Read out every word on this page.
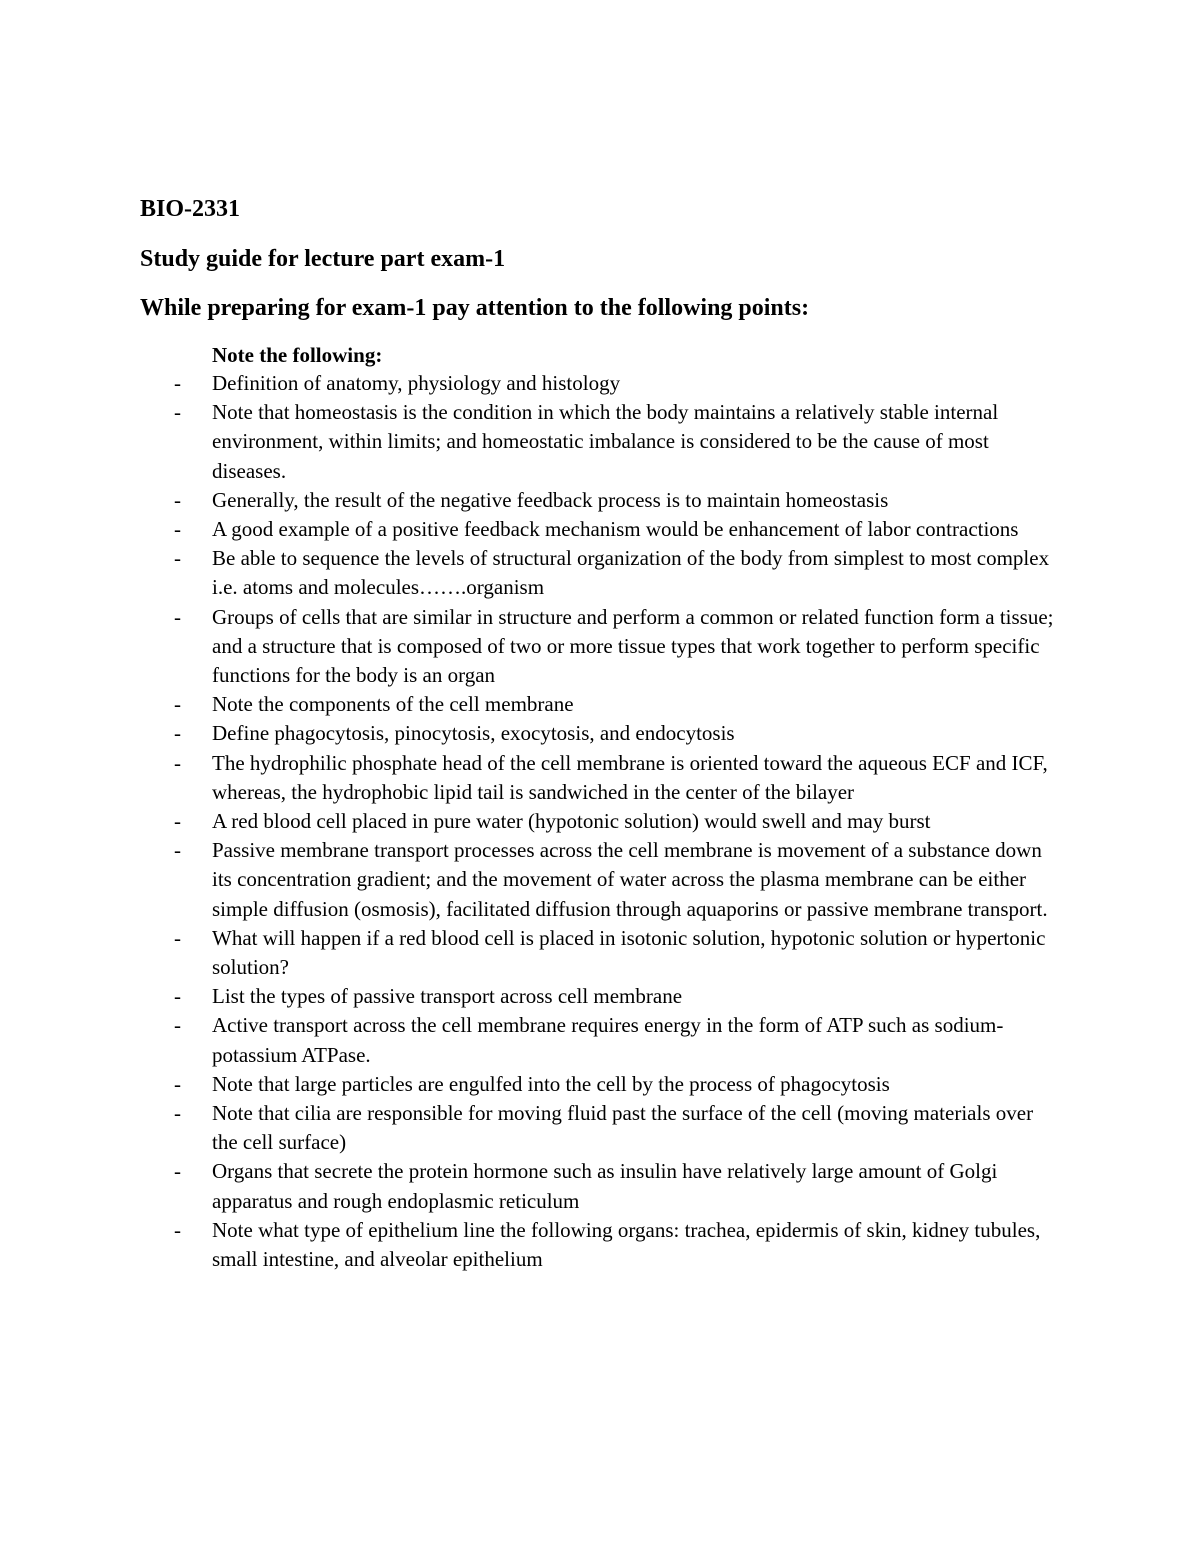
BIO-2331

Study guide for lecture part exam-1

While preparing for exam-1 pay attention to the following points:

Note the following:

- Definition of anatomy, physiology and histology
- Note that homeostasis is the condition in which the body maintains a relatively stable internal environment, within limits; and homeostatic imbalance is considered to be the cause of most diseases.
- Generally, the result of the negative feedback process is to maintain homeostasis
- A good example of a positive feedback mechanism would be enhancement of labor contractions
- Be able to sequence the levels of structural organization of the body from simplest to most complex i.e. atoms and molecules…….organism
- Groups of cells that are similar in structure and perform a common or related function form a tissue; and a structure that is composed of two or more tissue types that work together to perform specific functions for the body is an organ
- Note the components of the cell membrane
- Define phagocytosis, pinocytosis, exocytosis, and endocytosis
- The hydrophilic phosphate head of the cell membrane is oriented toward the aqueous ECF and ICF, whereas, the hydrophobic lipid tail is sandwiched in the center of the bilayer
- A red blood cell placed in pure water (hypotonic solution) would swell and may burst
- Passive membrane transport processes across the cell membrane is movement of a substance down its concentration gradient; and the movement of water across the plasma membrane can be either simple diffusion (osmosis), facilitated diffusion through aquaporins or passive membrane transport.
- What will happen if a red blood cell is placed in isotonic solution, hypotonic solution or hypertonic solution?
- List the types of passive transport across cell membrane
- Active transport across the cell membrane requires energy in the form of ATP such as sodium-potassium ATPase.
- Note that large particles are engulfed into the cell by the process of phagocytosis
- Note that cilia are responsible for moving fluid past the surface of the cell (moving materials over the cell surface)
- Organs that secrete the protein hormone such as insulin have relatively large amount of Golgi apparatus and rough endoplasmic reticulum
- Note what type of epithelium line the following organs: trachea, epidermis of skin, kidney tubules, small intestine, and alveolar epithelium
